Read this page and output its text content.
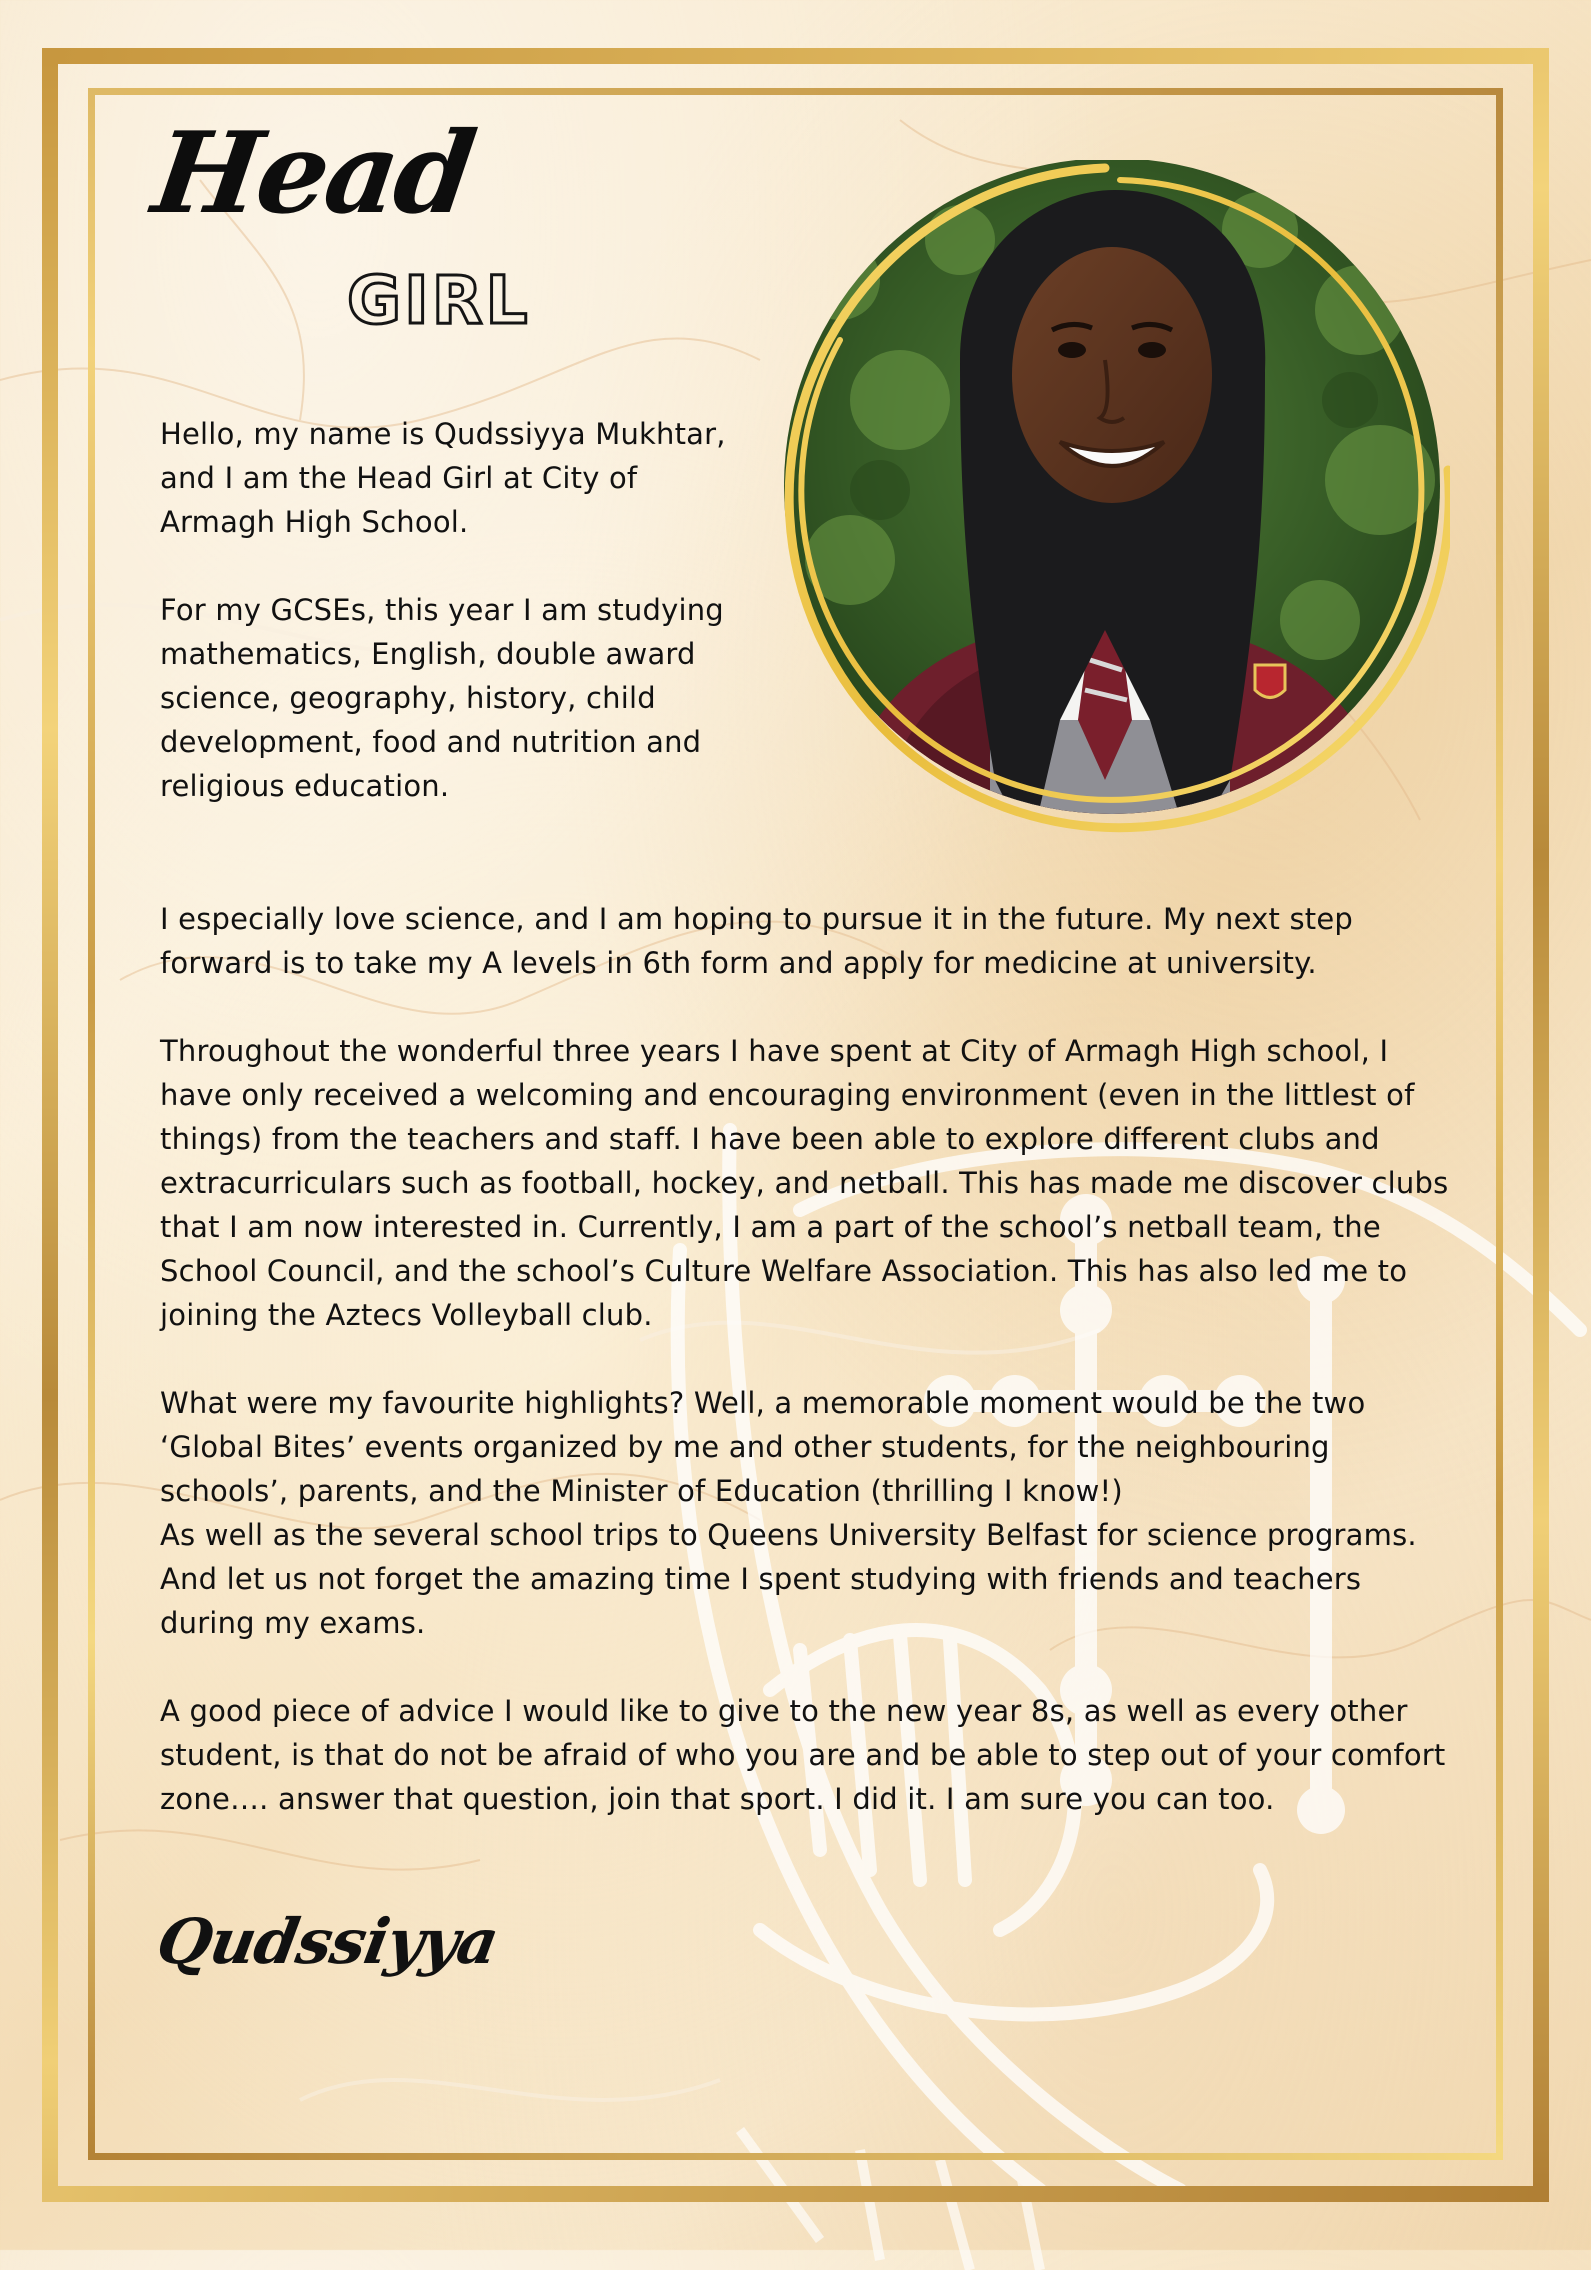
Head
GIRL

Hello, my name is Qudssiyya Mukhtar, and I am the Head Girl at City of Armagh High School.

For my GCSEs, this year I am studying mathematics, English, double award science, geography, history, child development, food and nutrition and religious education.

I especially love science, and I am hoping to pursue it in the future. My next step forward is to take my A levels in 6th form and apply for medicine at university.

Throughout the wonderful three years I have spent at City of Armagh High school, I have only received a welcoming and encouraging environment (even in the littlest of things) from the teachers and staff. I have been able to explore different clubs and extracurriculars such as football, hockey, and netball. This has made me discover clubs that I am now interested in. Currently, I am a part of the school’s netball team, the School Council, and the school’s Culture Welfare Association. This has also led me to joining the Aztecs Volleyball club.

What were my favourite highlights? Well, a memorable moment would be the two ‘Global Bites’ events organized by me and other students, for the neighbouring schools’, parents, and the Minister of Education (thrilling I know!)
As well as the several school trips to Queens University Belfast for science programs. And let us not forget the amazing time I spent studying with friends and teachers during my exams.

A good piece of advice I would like to give to the new year 8s, as well as every other student, is that do not be afraid of who you are and be able to step out of your comfort zone…. answer that question, join that sport. I did it. I am sure you can too.

Qudssiyya
